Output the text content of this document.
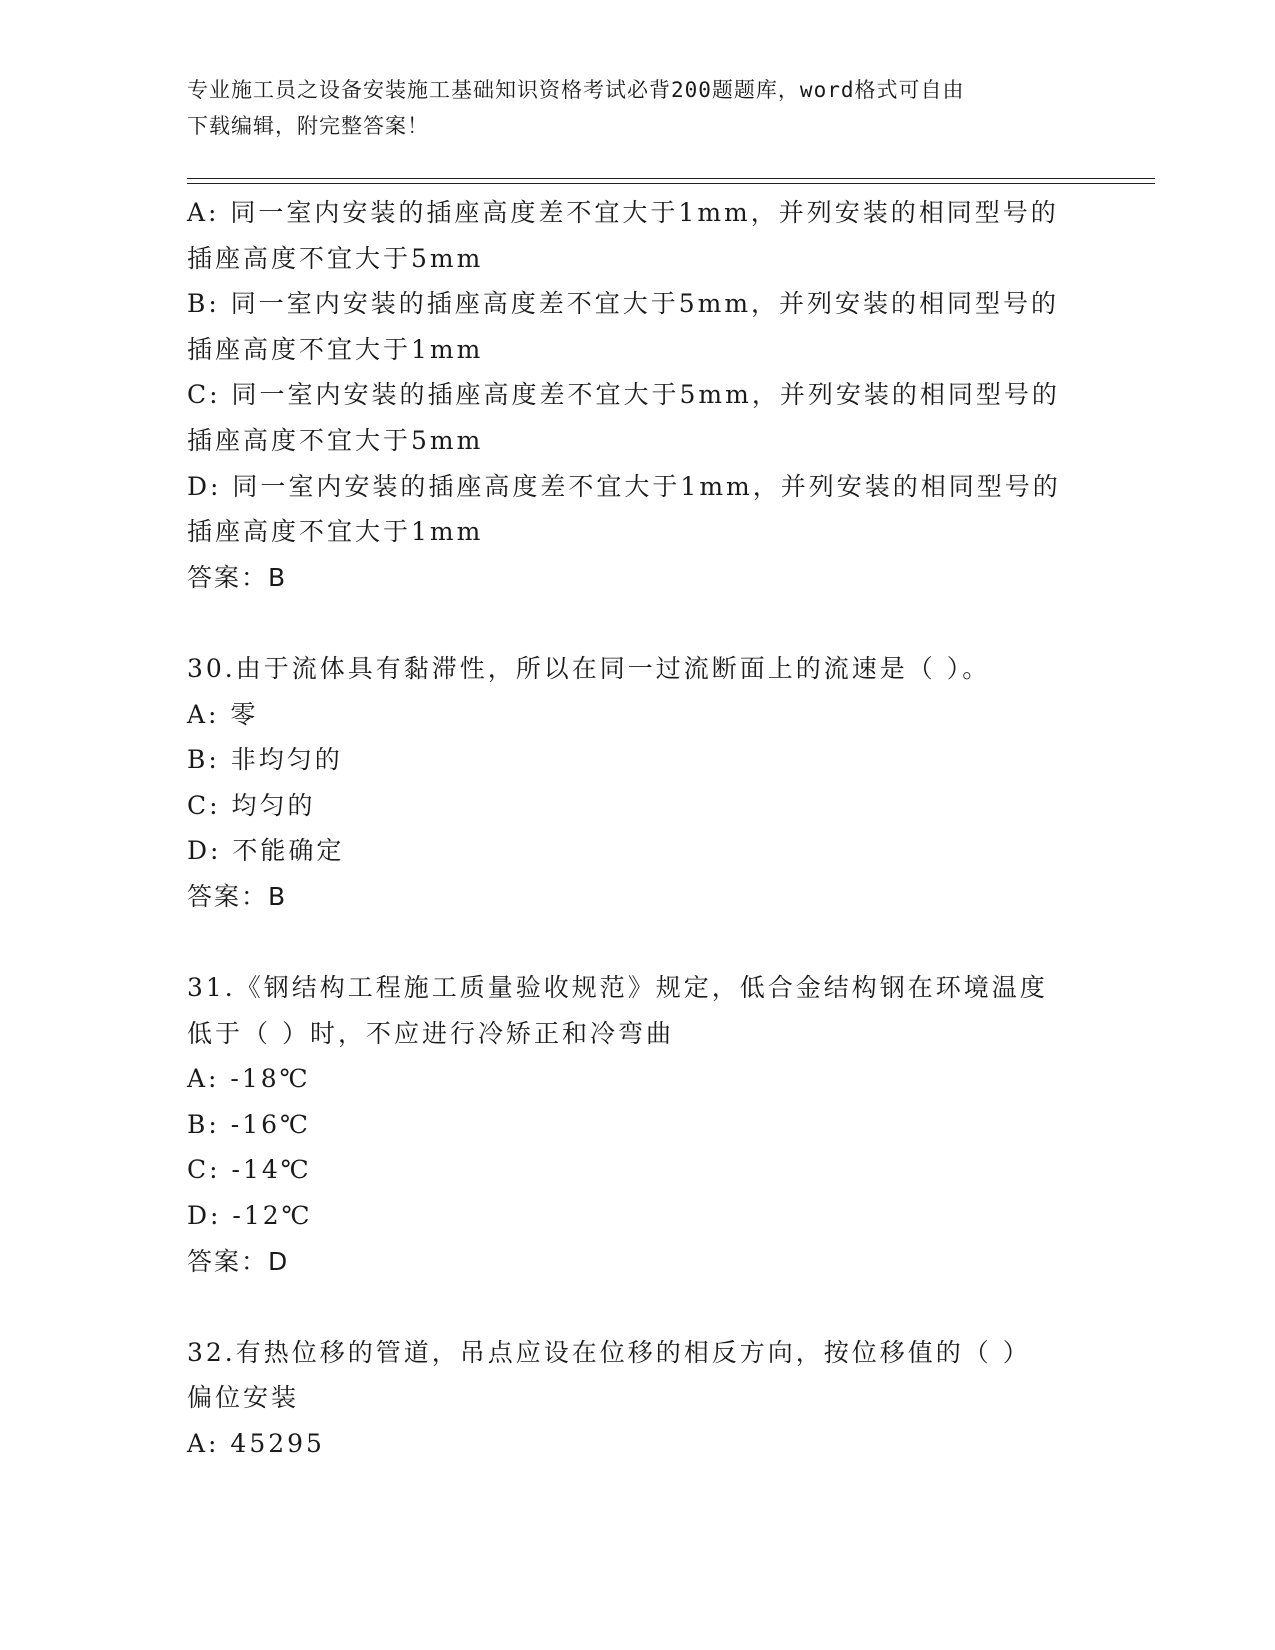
专业施工员之设备安装施工基础知识资格考试必背200题题库，word格式可自由
下载编辑，附完整答案！
A: 同一室内安装的插座高度差不宜大于1mm，并列安装的相同型号的
插座高度不宜大于5mm
B: 同一室内安装的插座高度差不宜大于5mm，并列安装的相同型号的
插座高度不宜大于1mm
C: 同一室内安装的插座高度差不宜大于5mm，并列安装的相同型号的
插座高度不宜大于5mm
D: 同一室内安装的插座高度差不宜大于1mm，并列安装的相同型号的
插座高度不宜大于1mm
答案：B
30.由于流体具有黏滞性，所以在同一过流断面上的流速是（ ）。
A: 零
B: 非均匀的
C: 均匀的
D: 不能确定
答案：B
31.《钢结构工程施工质量验收规范》规定，低合金结构钢在环境温度
低于（ ）时，不应进行冷矫正和冷弯曲
A: -18℃
B: -16℃
C: -14℃
D: -12℃
答案：D
32.有热位移的管道，吊点应设在位移的相反方向，按位移值的（ ）
偏位安装
A: 45295
